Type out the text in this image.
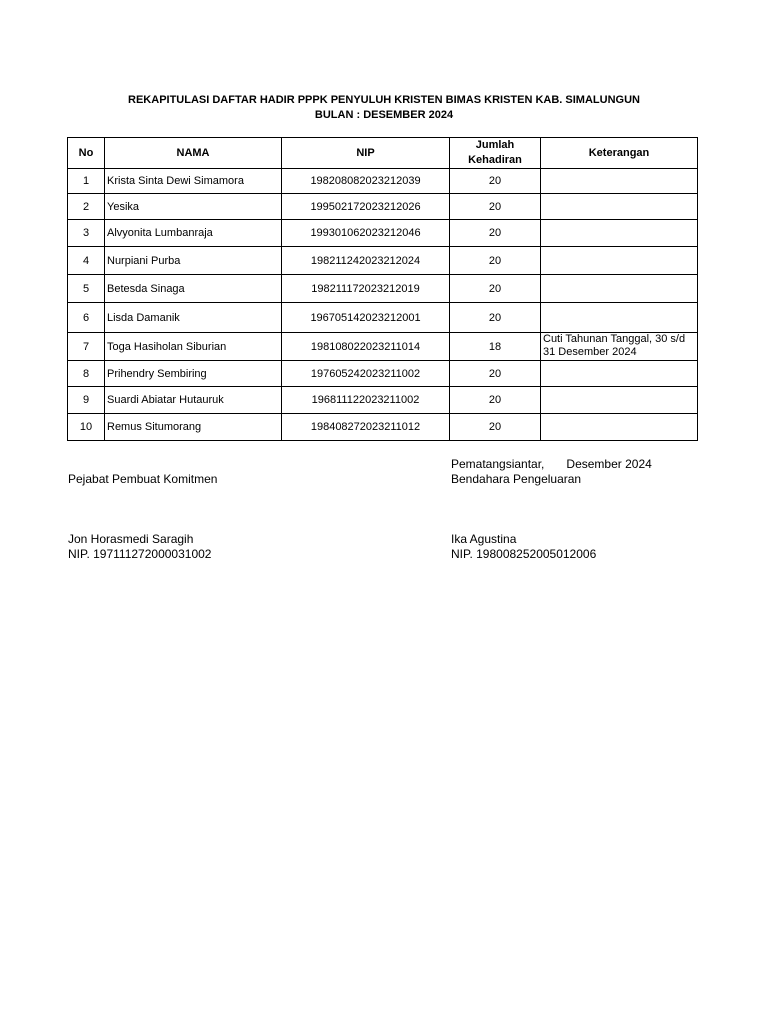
REKAPITULASI DAFTAR HADIR PPPK PENYULUH KRISTEN BIMAS KRISTEN KAB. SIMALUNGUN
BULAN : DESEMBER 2024
No	NAMA	NIP	Jumlah Kehadiran	Keterangan
1	Krista Sinta Dewi Simamora	198208082023212039	20	
2	Yesika	199502172023212026	20	
3	Alvyonita Lumbanraja	199301062023212046	20	
4	Nurpiani Purba	198211242023212024	20	
5	Betesda Sinaga	198211172023212019	20	
6	Lisda Damanik	196705142023212001	20	
7	Toga Hasiholan Siburian	198108022023211014	18	Cuti Tahunan Tanggal, 30 s/d 31 Desember 2024
8	Prihendry Sembiring	197605242023211002	20	
9	Suardi Abiatar Hutauruk	196811122023211002	20	
10	Remus Situmorang	198408272023211012	20	
Pematangsiantar, Desember 2024
Pejabat Pembuat Komitmen	Bendahara Pengeluaran
Jon Horasmedi Saragih
NIP. 197111272000031002
Ika Agustina
NIP. 198008252005012006
